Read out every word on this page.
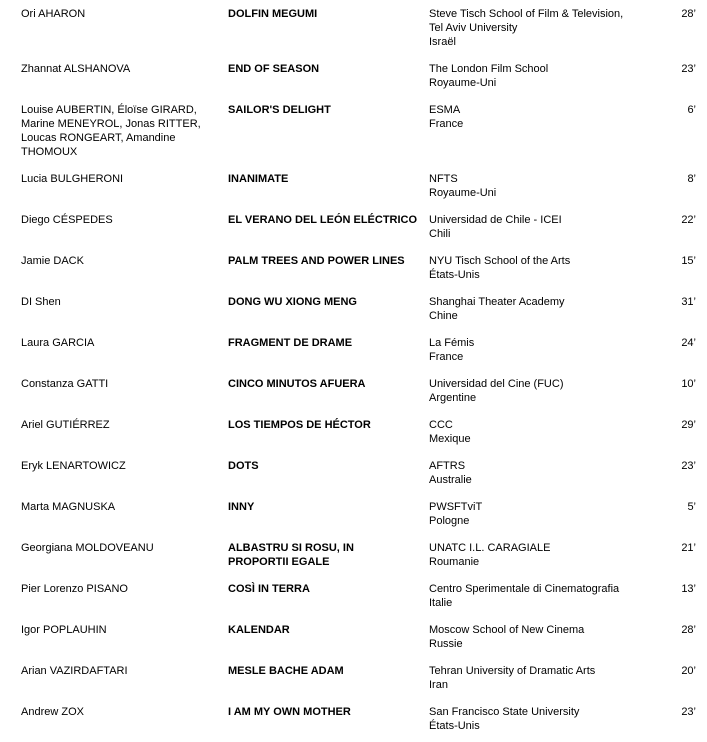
Ori AHARON	DOLFIN MEGUMI	Steve Tisch School of Film & Television,
Tel Aviv University
Israël
28’
Zhannat ALSHANOVA	END OF SEASON	The London Film School
Royaume-Uni
23’
Louise AUBERTIN, Éloïse GIRARD,
Marine MENEYROL, Jonas RITTER,
Loucas RONGEART, Amandine
THOMOUX
SAILOR'S DELIGHT	ESMA
France
6’
Lucia BULGHERONI	INANIMATE	NFTS
Royaume-Uni
8’
Diego CÉSPEDES	EL VERANO DEL LEÓN ELÉCTRICO	Universidad de Chile - ICEI
Chili
22’
Jamie DACK	PALM TREES AND POWER LINES	NYU Tisch School of the Arts
États-Unis
15’
DI Shen	DONG WU XIONG MENG	Shanghai Theater Academy
Chine
31’
Laura GARCIA	FRAGMENT DE DRAME	La Fémis
France
24’
Constanza GATTI	CINCO MINUTOS AFUERA	Universidad del Cine (FUC)
Argentine
10’
Ariel GUTIÉRREZ	LOS TIEMPOS DE HÉCTOR	CCC
Mexique
29’
Eryk LENARTOWICZ	DOTS	AFTRS
Australie
23’
Marta MAGNUSKA	INNY	PWSFTviT
Pologne
5’
Georgiana MOLDOVEANU	ALBASTRU SI ROSU, IN
PROPORTII EGALE
UNATC I.L. CARAGIALE
Roumanie
21’
Pier Lorenzo PISANO	COSÌ IN TERRA	Centro Sperimentale di Cinematografia
Italie
13’
Igor POPLAUHIN	KALENDAR	Moscow School of New Cinema
Russie
28’
Arian VAZIRDAFTARI	MESLE BACHE ADAM	Tehran University of Dramatic Arts
Iran
20’
Andrew ZOX	I AM MY OWN MOTHER	San Francisco State University
États-Unis
23’
